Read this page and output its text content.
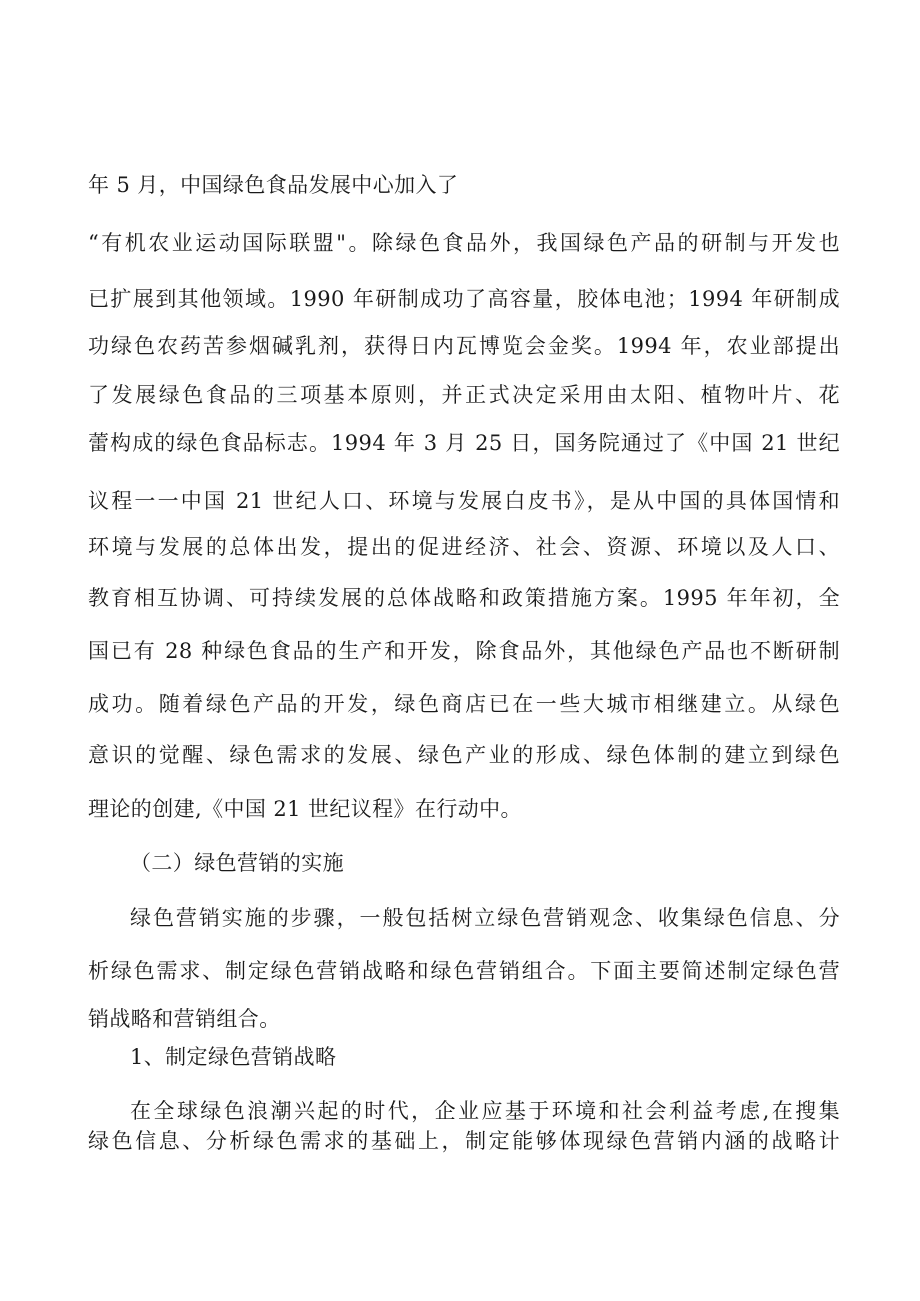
年 5 月，中国绿色食品发展中心加入了
“有机农业运动国际联盟"。除绿色食品外，我国绿色产品的研制与开发也
已扩展到其他领域。1990 年研制成功了高容量，胶体电池；1994 年研制成
功绿色农药苦参烟碱乳剂，获得日内瓦博览会金奖。1994 年，农业部提出
了发展绿色食品的三项基本原则，并正式决定采用由太阳、植物叶片、花
蕾构成的绿色食品标志。1994 年 3 月 25 日，国务院通过了《中国 21 世纪
议程一一中国 21 世纪人口、环境与发展白皮书》，是从中国的具体国情和
环境与发展的总体出发，提出的促进经济、社会、资源、环境以及人口、
教育相互协调、可持续发展的总体战略和政策措施方案。1995 年年初，全
国已有 28 种绿色食品的生产和开发，除食品外，其他绿色产品也不断研制
成功。随着绿色产品的开发，绿色商店已在一些大城市相继建立。从绿色
意识的觉醒、绿色需求的发展、绿色产业的形成、绿色体制的建立到绿色
理论的创建,《中国 21 世纪议程》在行动中。
（二）绿色营销的实施
绿色营销实施的步骤，一般包括树立绿色营销观念、收集绿色信息、分
析绿色需求、制定绿色营销战略和绿色营销组合。下面主要简述制定绿色营
销战略和营销组合。
1、制定绿色营销战略
在全球绿色浪潮兴起的时代，企业应基于环境和社会利益考虑,在搜集
绿色信息、分析绿色需求的基础上，制定能够体现绿色营销内涵的战略计
